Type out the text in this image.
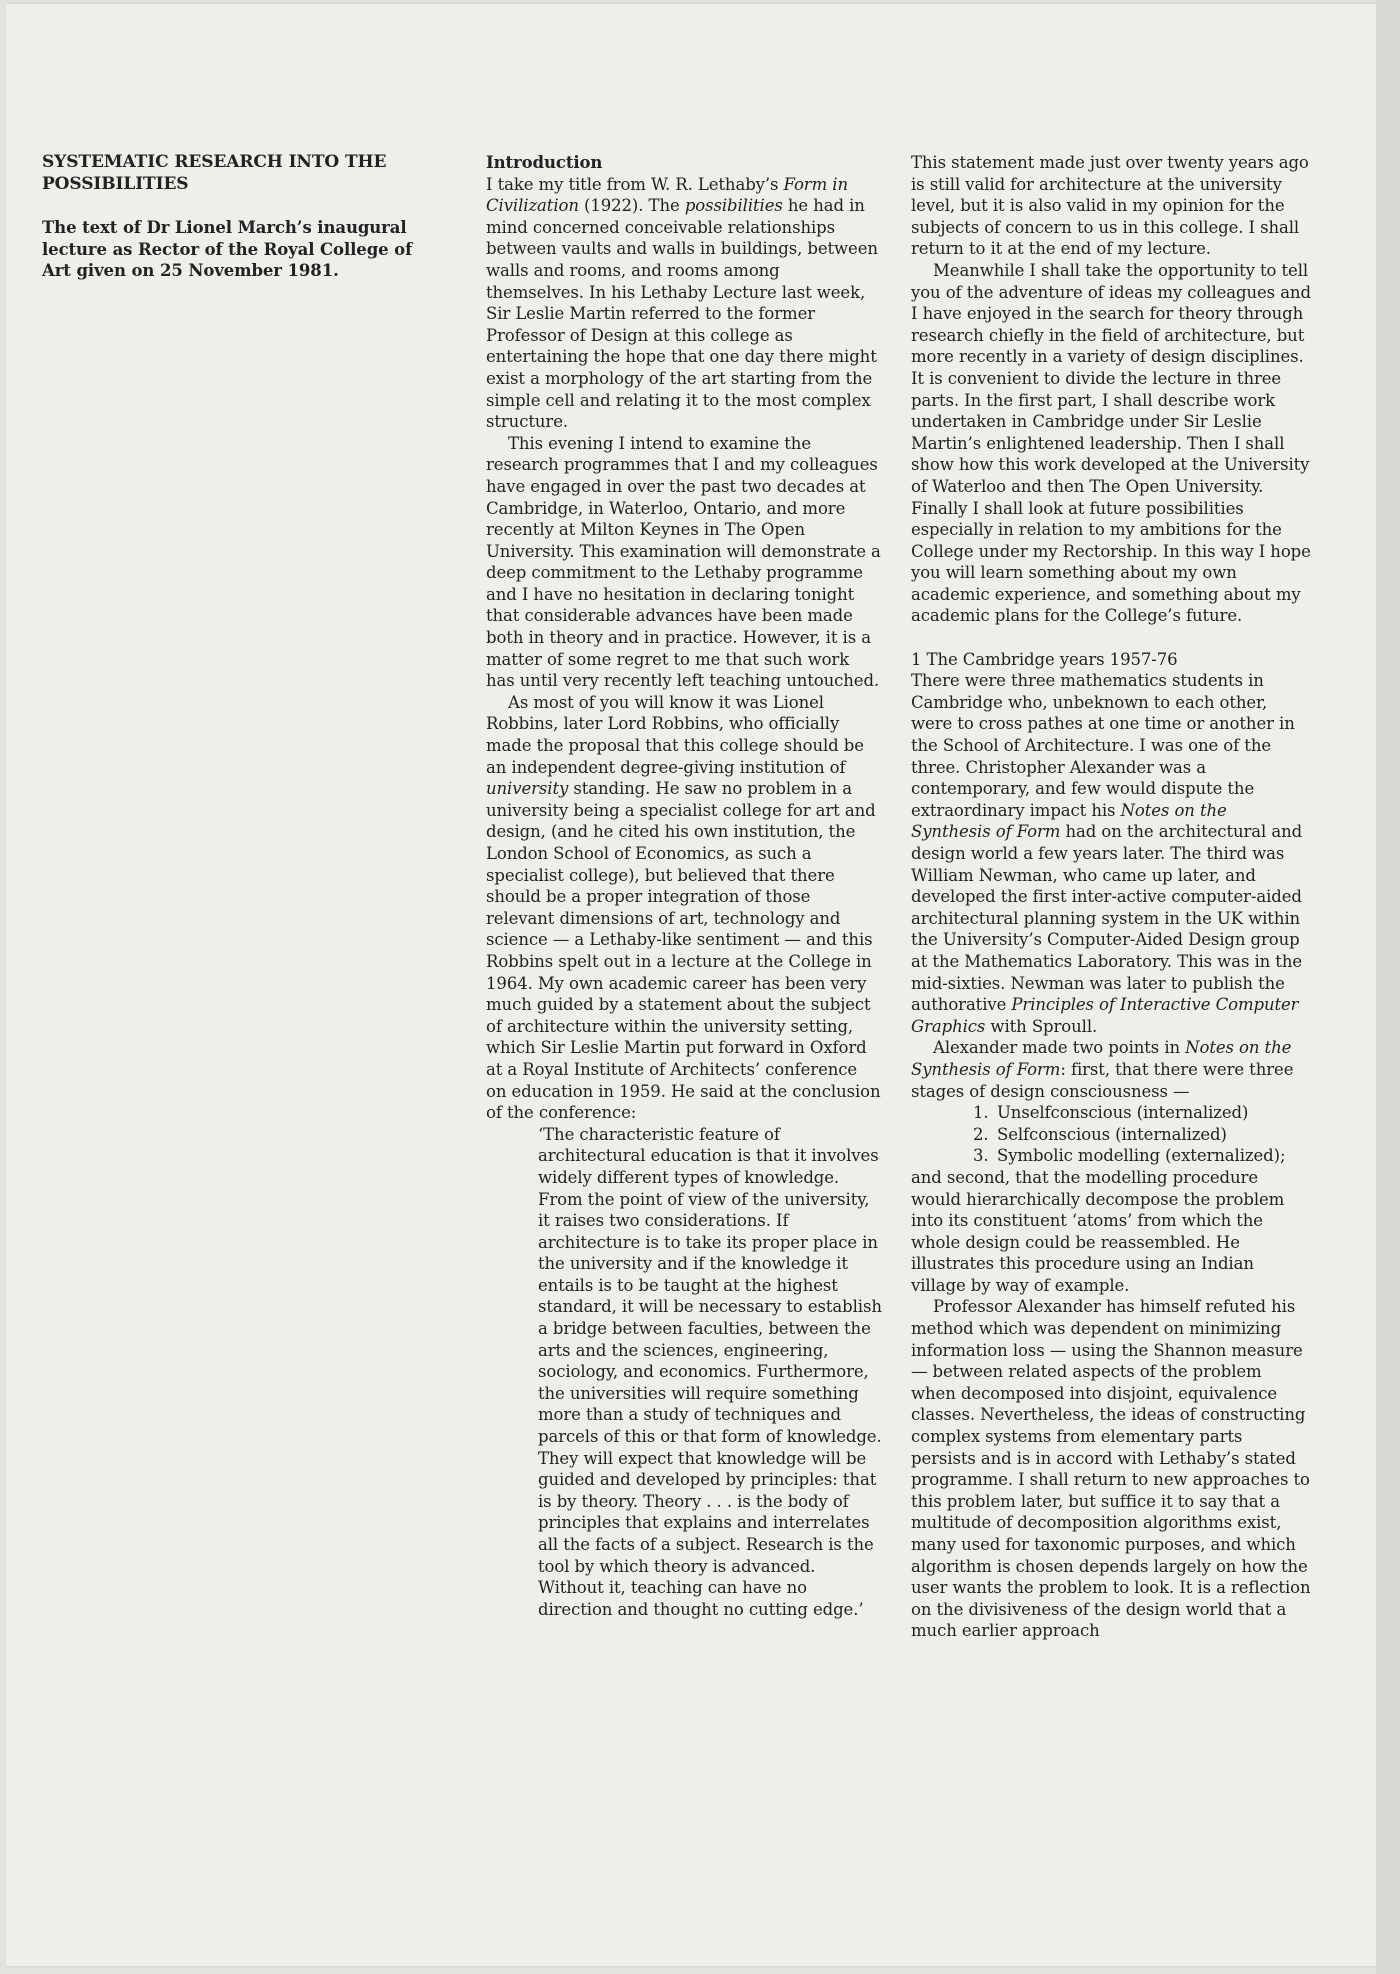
SYSTEMATIC RESEARCH INTO THE POSSIBILITIES

The text of Dr Lionel March’s inaugural lecture as Rector of the Royal College of Art given on 25 November 1981.

Introduction

I take my title from W. R. Lethaby’s Form in Civilization (1922). The possibilities he had in mind concerned conceivable relationships between vaults and walls in buildings, between walls and rooms, and rooms among themselves. In his Lethaby Lecture last week, Sir Leslie Martin referred to the former Professor of Design at this college as entertaining the hope that one day there might exist a morphology of the art starting from the simple cell and relating it to the most complex structure.

This evening I intend to examine the research programmes that I and my colleagues have engaged in over the past two decades at Cambridge, in Waterloo, Ontario, and more recently at Milton Keynes in The Open University. This examination will demonstrate a deep commitment to the Lethaby programme and I have no hesitation in declaring tonight that considerable advances have been made both in theory and in practice. However, it is a matter of some regret to me that such work has until very recently left teaching untouched.

As most of you will know it was Lionel Robbins, later Lord Robbins, who officially made the proposal that this college should be an independent degree-giving institution of university standing. He saw no problem in a university being a specialist college for art and design, (and he cited his own institution, the London School of Economics, as such a specialist college), but believed that there should be a proper integration of those relevant dimensions of art, technology and science — a Lethaby-like sentiment — and this Robbins spelt out in a lecture at the College in 1964. My own academic career has been very much guided by a statement about the subject of architecture within the university setting, which Sir Leslie Martin put forward in Oxford at a Royal Institute of Architects’ conference on education in 1959. He said at the conclusion of the conference:

‘The characteristic feature of architectural education is that it involves widely different types of knowledge. From the point of view of the university, it raises two considerations. If architecture is to take its proper place in the university and if the knowledge it entails is to be taught at the highest standard, it will be necessary to establish a bridge between faculties, between the arts and the sciences, engineering, sociology, and economics. Furthermore, the universities will require something more than a study of techniques and parcels of this or that form of knowledge. They will expect that knowledge will be guided and developed by principles: that is by theory. Theory . . . is the body of principles that explains and interrelates all the facts of a subject. Research is the tool by which theory is advanced. Without it, teaching can have no direction and thought no cutting edge.’

This statement made just over twenty years ago is still valid for architecture at the university level, but it is also valid in my opinion for the subjects of concern to us in this college. I shall return to it at the end of my lecture.

Meanwhile I shall take the opportunity to tell you of the adventure of ideas my colleagues and I have enjoyed in the search for theory through research chiefly in the field of architecture, but more recently in a variety of design disciplines. It is convenient to divide the lecture in three parts. In the first part, I shall describe work undertaken in Cambridge under Sir Leslie Martin’s enlightened leadership. Then I shall show how this work developed at the University of Waterloo and then The Open University. Finally I shall look at future possibilities especially in relation to my ambitions for the College under my Rectorship. In this way I hope you will learn something about my own academic experience, and something about my academic plans for the College’s future.

1 The Cambridge years 1957-76

There were three mathematics students in Cambridge who, unbeknown to each other, were to cross pathes at one time or another in the School of Architecture. I was one of the three. Christopher Alexander was a contemporary, and few would dispute the extraordinary impact his Notes on the Synthesis of Form had on the architectural and design world a few years later. The third was William Newman, who came up later, and developed the first inter-active computer-aided architectural planning system in the UK within the University’s Computer-Aided Design group at the Mathematics Laboratory. This was in the mid-sixties. Newman was later to publish the authorative Principles of Interactive Computer Graphics with Sproull.

Alexander made two points in Notes on the Synthesis of Form: first, that there were three stages of design consciousness —

1. Unselfconscious (internalized)
2. Selfconscious (internalized)
3. Symbolic modelling (externalized);

and second, that the modelling procedure would hierarchically decompose the problem into its constituent ‘atoms’ from which the whole design could be reassembled. He illustrates this procedure using an Indian village by way of example.

Professor Alexander has himself refuted his method which was dependent on minimizing information loss — using the Shannon measure — between related aspects of the problem when decomposed into disjoint, equivalence classes. Nevertheless, the ideas of constructing complex systems from elementary parts persists and is in accord with Lethaby’s stated programme. I shall return to new approaches to this problem later, but suffice it to say that a multitude of decomposition algorithms exist, many used for taxonomic purposes, and which algorithm is chosen depends largely on how the user wants the problem to look. It is a reflection on the divisiveness of the design world that a much earlier approach
